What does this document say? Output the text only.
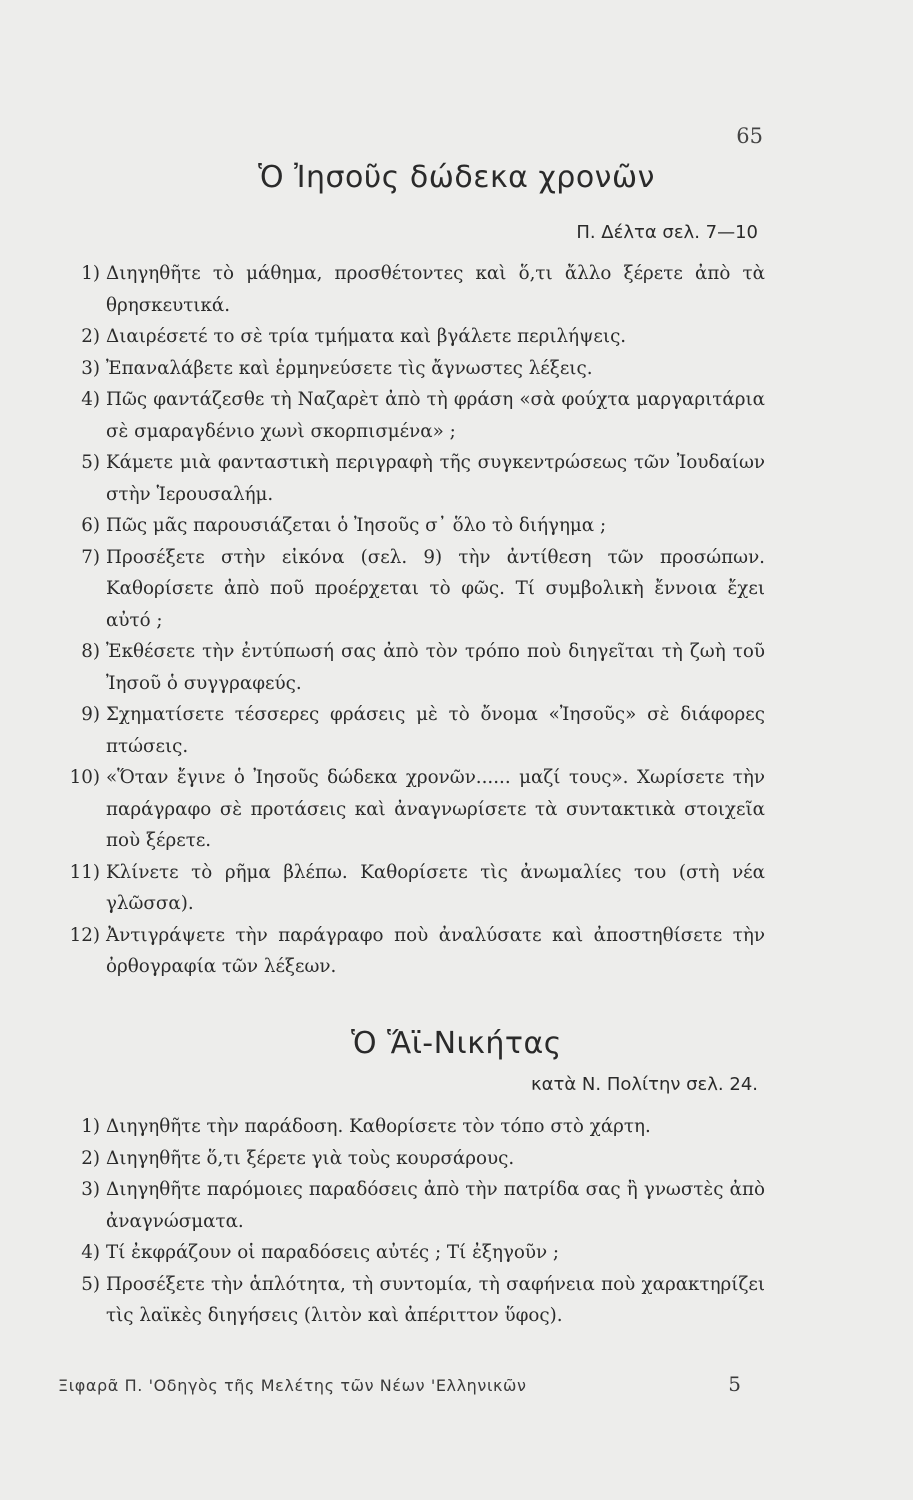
65
Ὁ Ἰησοῦς δώδεκα χρονῶν
Π. Δέλτα σελ. 7—10
1) Διηγηθῆτε τὸ μάθημα, προσθέτοντες καὶ ὅ,τι ἄλλο ξέρετε ἀπὸ τὰ θρησκευτικά.
2) Διαιρέσετέ το σὲ τρία τμήματα καὶ βγάλετε περιλήψεις.
3) Ἐπαναλάβετε καὶ ἑρμηνεύσετε τὶς ἄγνωστες λέξεις.
4) Πῶς φαντάζεσθε τὴ Ναζαρὲτ ἀπὸ τὴ φράση «σὰ φούχτα μαργαριτάρια σὲ σμαραγδένιο χωνὶ σκορπισμένα» ;
5) Κάμετε μιὰ φανταστικὴ περιγραφὴ τῆς συγκεντρώσεως τῶν Ἰουδαίων στὴν Ἱερουσαλήμ.
6) Πῶς μᾶς παρουσιάζεται ὁ Ἰησοῦς σ᾽ ὅλο τὸ διήγημα ;
7) Προσέξετε στὴν εἰκόνα (σελ. 9) τὴν ἀντίθεση τῶν προσώπων. Καθορίσετε ἀπὸ ποῦ προέρχεται τὸ φῶς. Τί συμβολικὴ ἔννοια ἔχει αὐτό ;
8) Ἐκθέσετε τὴν ἐντύπωσή σας ἀπὸ τὸν τρόπο ποὺ διηγεῖται τὴ ζωὴ τοῦ Ἰησοῦ ὁ συγγραφεύς.
9) Σχηματίσετε τέσσερες φράσεις μὲ τὸ ὄνομα «Ἰησοῦς» σὲ διάφορες πτώσεις.
10) «Ὅταν ἔγινε ὁ Ἰησοῦς δώδεκα χρονῶν...... μαζί τους». Χωρίσετε τὴν παράγραφο σὲ προτάσεις καὶ ἀναγνωρίσετε τὰ συντακτικὰ στοιχεῖα ποὺ ξέρετε.
11) Κλίνετε τὸ ρῆμα βλέπω. Καθορίσετε τὶς ἀνωμαλίες του (στὴ νέα γλῶσσα).
12) Ἀντιγράψετε τὴν παράγραφο ποὺ ἀναλύσατε καὶ ἀποστηθίσετε τὴν ὀρθογραφία τῶν λέξεων.
Ὁ Ἅϊ-Νικήτας
κατὰ Ν. Πολίτην σελ. 24.
1) Διηγηθῆτε τὴν παράδοση. Καθορίσετε τὸν τόπο στὸ χάρτη.
2) Διηγηθῆτε ὅ,τι ξέρετε γιὰ τοὺς κουρσάρους.
3) Διηγηθῆτε παρόμοιες παραδόσεις ἀπὸ τὴν πατρίδα σας ἢ γνωστὲς ἀπὸ ἀναγνώσματα.
4) Τί ἐκφράζουν οἱ παραδόσεις αὐτές ; Τί ἐξηγοῦν ;
5) Προσέξετε τὴν ἁπλότητα, τὴ συντομία, τὴ σαφήνεια ποὺ χαρακτηρίζει τὶς λαϊκὲς διηγήσεις (λιτὸν καὶ ἀπέριττον ὕφος).
Ξιφαρᾶ Π. 'Οδηγὸς τῆς Μελέτης τῶν Νέων 'Ελληνικῶν	5
